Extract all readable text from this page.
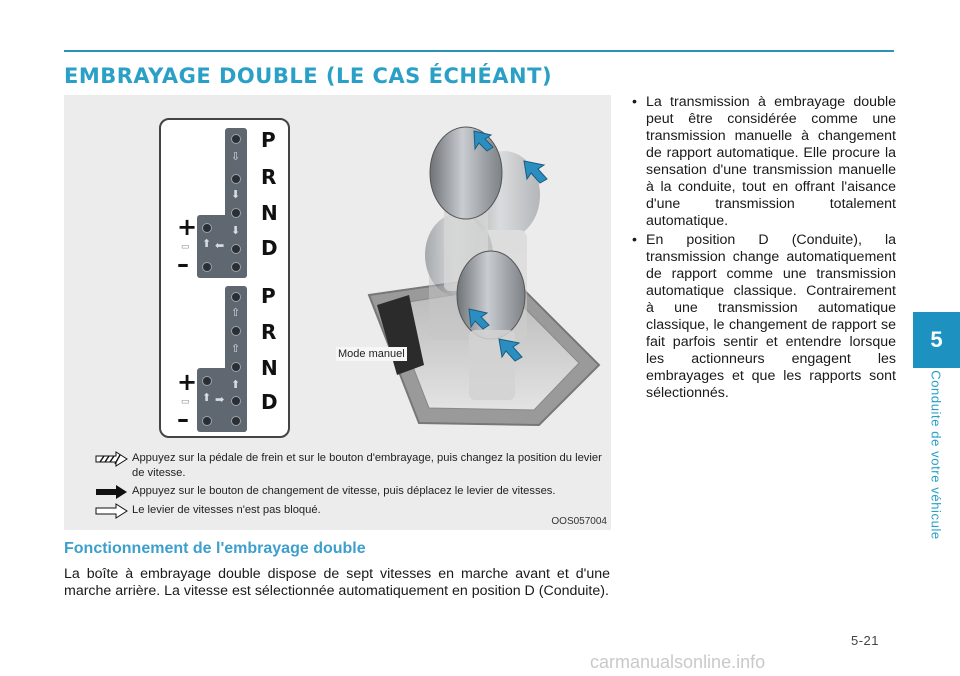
EMBRAYAGE DOUBLE (LE CAS ÉCHÉANT)
5
Conduite de votre véhicule
⇩
⬇
⬇
⬅
⬆
P
R
N
D
+
▭
–
⇧
⇧
⬆
➡
⬆
P
R
N
D
+
▭
–
Mode manuel
Appuyez sur la pédale de frein et sur le bouton d'embrayage, puis changez la position du levier de vitesse.
Appuyez sur le bouton de changement de vitesse, puis déplacez le levier de vitesses.
Le levier de vitesses n'est pas bloqué.
OOS057004
Fonctionnement de l'embrayage double

La boîte à embrayage double dispose de sept vitesses en marche avant et d'une marche arrière. La vitesse est sélectionnée automatiquement en position D (Conduite).

• La transmission à embrayage double peut être considérée comme une transmission manuelle à changement de rapport automatique. Elle procure la sensation d'une transmission manuelle à la conduite, tout en offrant l'aisance d'une transmission totalement automatique.
• En position D (Conduite), la transmission change automatiquement de rapport comme une transmission automatique classique. Contrairement à une transmission automatique classique, le changement de rapport se fait parfois sentir et entendre lorsque les actionneurs engagent les embrayages et que les rapports sont sélectionnés.
5-21
carmanualsonline.info
